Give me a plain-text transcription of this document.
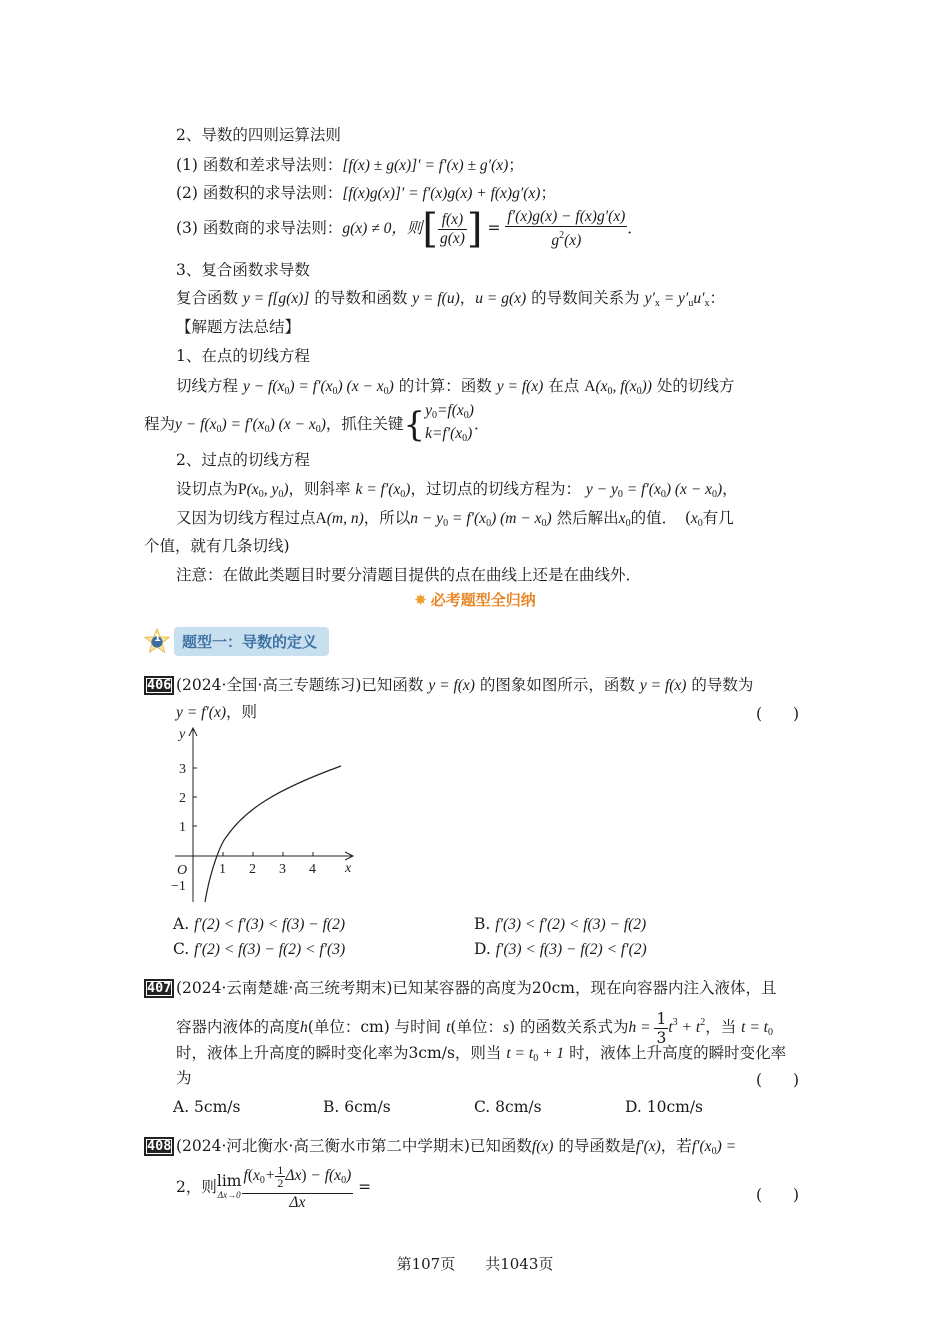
2、导数的四则运算法则
(1) 函数和差求导法则：[f(x) ± g(x)]′ = f′(x) ± g′(x)；
(2) 函数积的求导法则：[f(x)g(x)]′ = f′(x)g(x) + f(x)g′(x)；
(3) 函数商的求导法则：g(x) ≠ 0，则[ $\frac{f(x)}{g(x)}$ ] = $\frac{f'(x)g(x) - f(x)g'(x)}{g^2(x)}$ ．
3、复合函数求导数
复合函数 y = f[g(x)] 的导数和函数 y = f(u)，u = g(x) 的导数间关系为 $y'_x = y'_uu'_x$：
【解题方法总结】
1、在点的切线方程
切线方程 $y - f(x_0) = f'(x_0) (x - x_0)$ 的计算：函数 y = f(x) 在点 $A(x_0$, $f(x_0)$) 处的切线方
程为$y - f(x_0) = f'(x_0) (x - x_0)$，抓住关键{ $y_0=f(x_0)$
$k=f'(x_0)$
．
2、过点的切线方程
设切点为$P(x_0$, $y_0$)，则斜率 $k = f'(x_0)$，过切点的切线方程为： $y - y_0 = f'(x_0) (x - x_0)$，
又因为切线方程过点A(m, n)，所以$n - y_0 = f'(x_0) (m - x_0)$ 然后解出$x_0$的值．　($x_0$有几
个值，就有几条切线)
注意：在做此类题目时要分清题目提供的点在曲线上还是在曲线外．
✸ 必考题型全归纳
1	题型一：导数的定义
406 (2024·全国·高三专题练习)已知函数 y = f(x) 的图象如图所示，函数 y = f(x) 的导数为
y = f′(x)，则	(　　)
y
x
O 1 2 3 4
3
2
1
−1
A. f′(2) < f′(3) < f(3) − f(2)	B. f′(3) < f′(2) < f(3) − f(2)
C. f′(2) < f(3) − f(2) < f′(3)	D. f′(3) < f(3) − f(2) < f′(2)
407 (2024·云南楚雄·高三统考期末)已知某容器的高度为20cm，现在向容器内注入液体，且
容器内液体的高度h(单位：cm) 与时间 t(单位：s) 的函数关系式为$h = \frac{1}{3} t^3 + t^2$，当 $t = t_0$
时，液体上升高度的瞬时变化率为3cm/s，则当 $t = t_0 + 1$ 时，液体上升高度的瞬时变化率
为	(　　)
A. 5cm/s	B. 6cm/s	C. 8cm/s	D. 10cm/s
408 (2024·河北衡水·高三衡水市第二中学期末)已知函数f(x) 的导函数是f′(x)，若$f'(x_0)$ =
2，则 lim
$\Delta x\to 0 \frac{f(x_0+ \frac{1}{2} \Delta x) - f(x_0)}{\Delta x}$ =	(　　)
第107页　　共1043页
